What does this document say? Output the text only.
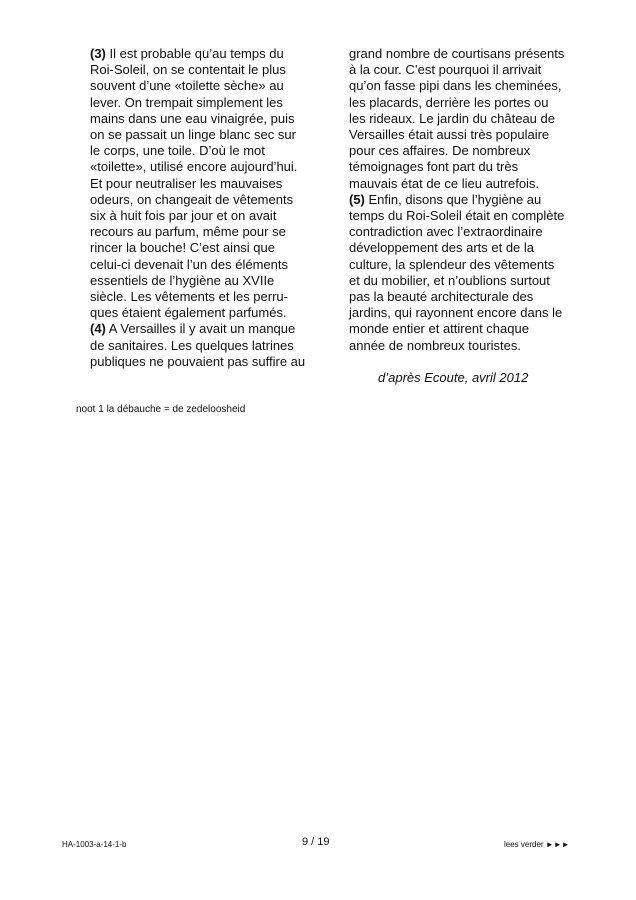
(3) Il est probable qu’au temps du
Roi-Soleil, on se contentait le plus
souvent d’une «toilette sèche» au
lever. On trempait simplement les
mains dans une eau vinaigrée, puis
on se passait un linge blanc sec sur
le corps, une toile. D’où le mot
«toilette», utilisé encore aujourd’hui.
Et pour neutraliser les mauvaises
odeurs, on changeait de vêtements
six à huit fois par jour et on avait
recours au parfum, même pour se
rincer la bouche! C’est ainsi que
celui-ci devenait l’un des éléments
essentiels de l’hygiène au XVIIe
siècle. Les vêtements et les perru-
ques étaient également parfumés.
(4) A Versailles il y avait un manque
de sanitaires. Les quelques latrines
publiques ne pouvaient pas suffire au
grand nombre de courtisans présents
à la cour. C’est pourquoi il arrivait
qu’on fasse pipi dans les cheminées,
les placards, derrière les portes ou
les rideaux. Le jardin du château de
Versailles était aussi très populaire
pour ces affaires. De nombreux
témoignages font part du très
mauvais état de ce lieu autrefois.
(5) Enfin, disons que l’hygiène au
temps du Roi-Soleil était en complète
contradiction avec l’extraordinaire
développement des arts et de la
culture, la splendeur des vêtements
et du mobilier, et n’oublions surtout
pas la beauté architecturale des
jardins, qui rayonnent encore dans le
monde entier et attirent chaque
année de nombreux touristes.
d’après Ecoute, avril 2012
noot 1 la débauche = de zedeloosheid
HA-1003-a-14-1-b	9 / 19	lees verder ►►►
